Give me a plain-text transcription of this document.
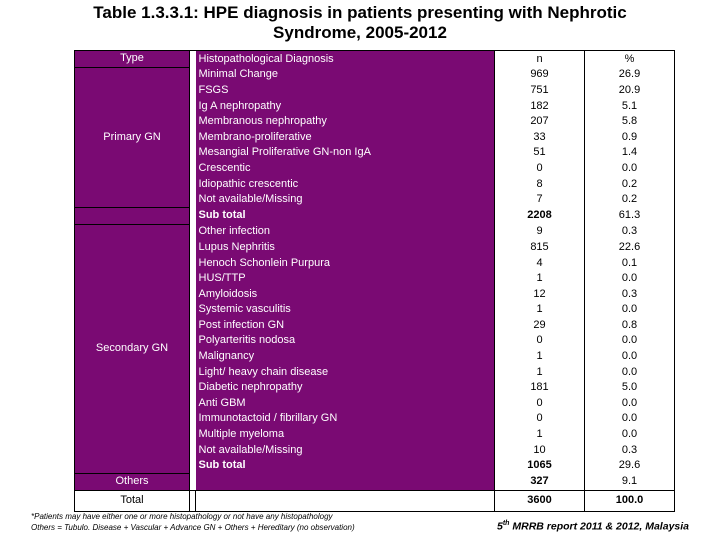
Table 1.3.3.1: HPE diagnosis in patients presenting with Nephrotic
Syndrome, 2005-2012
Type		Histopathological Diagnosis	n	%
Primary GN		Minimal Change	969	26.9
		FSGS	751	20.9
		Ig A nephropathy	182	5.1
		Membranous nephropathy	207	5.8
		Membrano-proliferative	33	0.9
		Mesangial Proliferative GN-non IgA	51	1.4
		Crescentic	0	0.0
		Idiopathic crescentic	8	0.2
		Not available/Missing	7	0.2
		Sub total	2208	61.3
Secondary GN		Other infection	9	0.3
		Lupus Nephritis	815	22.6
		Henoch Schonlein Purpura	4	0.1
		HUS/TTP	1	0.0
		Amyloidosis	12	0.3
		Systemic vasculitis	1	0.0
		Post infection GN	29	0.8
		Polyarteritis nodosa	0	0.0
		Malignancy	1	0.0
		Light/ heavy chain disease	1	0.0
		Diabetic nephropathy	181	5.0
		Anti GBM	0	0.0
		Immunotactoid / fibrillary GN	0	0.0
		Multiple myeloma	1	0.0
		Not available/Missing	10	0.3
		Sub total	1065	29.6
Others			327	9.1
Total			3600	100.0
*Patients may have either one or more histopathology or not have any histopathology
Others = Tubulo. Disease + Vascular + Advance GN + Others + Hereditary (no observation)	5th MRRB report 2011 & 2012, Malaysia
